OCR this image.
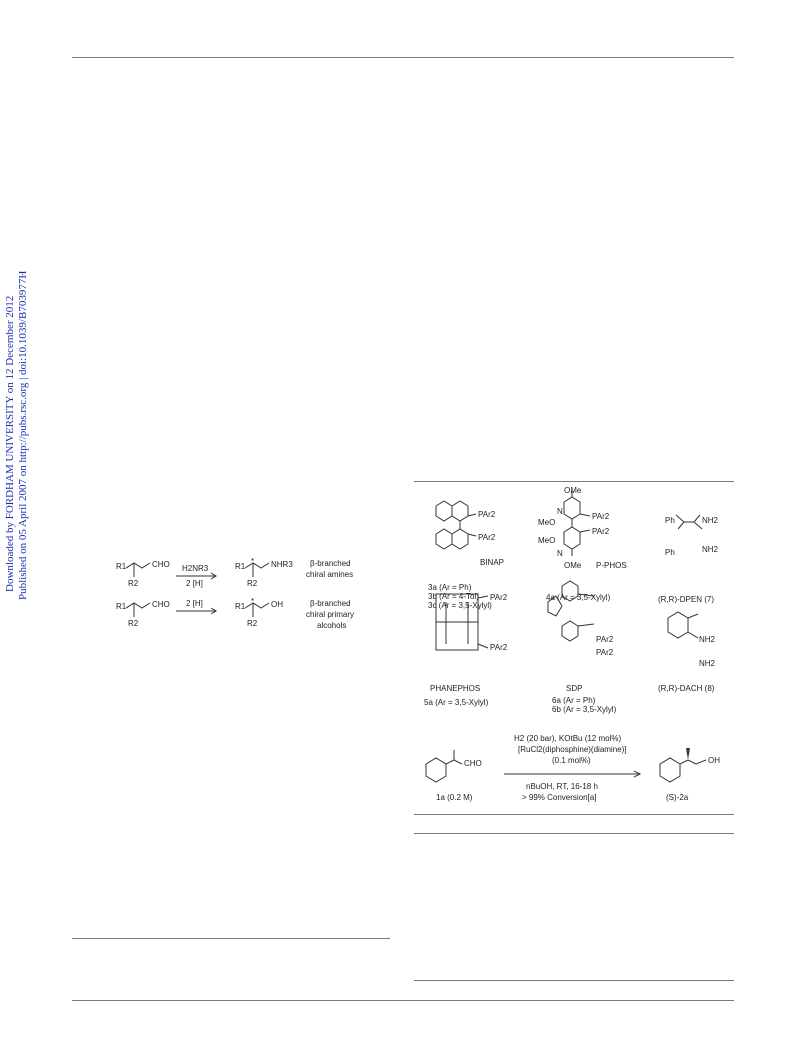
Downloaded by FORDHAM UNIVERSITY on 12 December 2012 Published on 05 April 2007 on http://pubs.rsc.org | doi:10.1039/B703977H	R1	CHO
R2
H2NR3
2 [H]
R1
*
R2
NHR3 β-branched
chiral amines
R1	CHO
R2
2 [H]	R1
*
R2
OH	β-branched
chiral primary
alcohols
PAr2
PAr2
BINAP
3a (Ar = Ph)
3b (Ar = 4-Tol)
3c (Ar = 3,5-Xylyl)
OMe
N
MeO
PAr2
MeO
PAr2
N
P-PHOS
OMe
4a (Ar = 3,5-Xylyl)
Ph	NH2
Ph	NH2
(R,R)-DPEN (7)
PAr2
PAr2
PHANEPHOS
5a (Ar = 3,5-Xylyl)
PAr2
PAr2
SDP
6a (Ar = Ph)
6b (Ar = 3,5-Xylyl)
NH2
NH2
(R,R)-DACH (8)
H2 (20 bar), KOtBu (12 mol%)
[RuCl2(diphosphine)(diamine)]
(0.1 mol%)
nBuOH, RT, 16-18 h
> 99% Conversion[a]
CHO
1a (0.2 M)
OH
(S)-2a
